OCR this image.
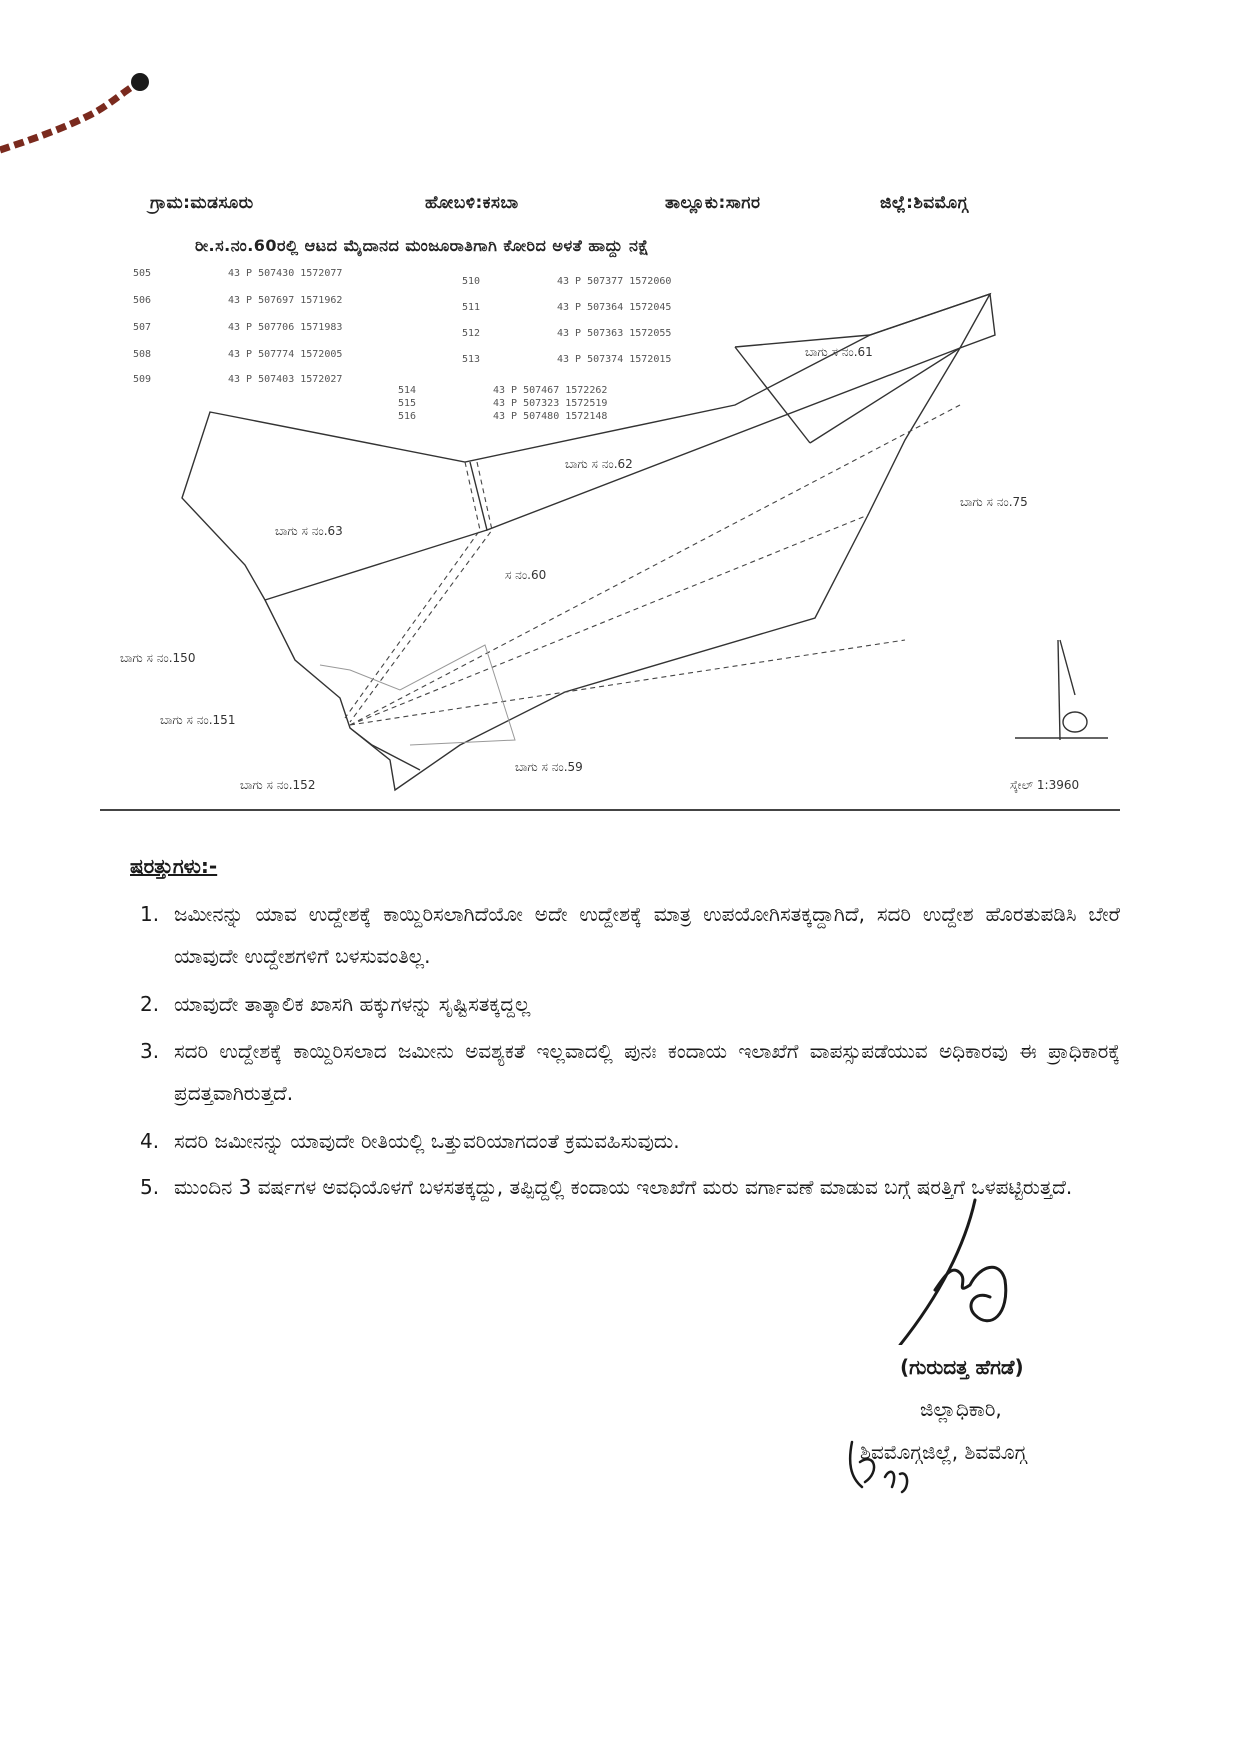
ಗ್ರಾಮ:ಮಡಸೂರು	ಹೋಬಳಿ:ಕಸಬಾ	ತಾಲ್ಲೂಕು:ಸಾಗರ	ಜಿಲ್ಲೆ:ಶಿವಮೊಗ್ಗ
ರೀ.ಸ.ನಂ.60ರಲ್ಲಿ ಆಟದ ಮೈದಾನದ ಮಂಜೂರಾತಿಗಾಗಿ ಕೋರಿದ ಅಳತೆ ಹಾದ್ದು ನಕ್ಷೆ
505	43 P 507430 1572077
506	43 P 507697 1571962
507	43 P 507706 1571983
508	43 P 507774 1572005
509	43 P 507403 1572027
510	43 P 507377 1572060
511	43 P 507364 1572045
512	43 P 507363 1572055
513	43 P 507374 1572015
514	43 P 507467 1572262
515	43 P 507323 1572519
516	43 P 507480 1572148
ಬಾಗು ಸ ನಂ.61
ಬಾಗು ಸ ನಂ.62
ಬಾಗು ಸ ನಂ.75
ಬಾಗು ಸ ನಂ.63
ಸ ನಂ.60
ಬಾಗು ಸ ನಂ.150
ಬಾಗು ಸ ನಂ.151
ಬಾಗು ಸ ನಂ.59
ಬಾಗು ಸ ನಂ.152	ಸ್ಕೇಲ್ 1:3960
ಷರತ್ತುಗಳು:-
1. ಜಮೀನನ್ನು ಯಾವ ಉದ್ದೇಶಕ್ಕೆ ಕಾಯ್ದಿರಿಸಲಾಗಿದೆಯೋ ಅದೇ ಉದ್ದೇಶಕ್ಕೆ ಮಾತ್ರ ಉಪಯೋಗಿಸತಕ್ಕದ್ದಾಗಿದೆ, ಸದರಿ ಉದ್ದೇಶ ಹೊರತುಪಡಿಸಿ ಬೇರೆ ಯಾವುದೇ ಉದ್ದೇಶಗಳಿಗೆ ಬಳಸುವಂತಿಲ್ಲ.
2. ಯಾವುದೇ ತಾತ್ಕಾಲಿಕ ಖಾಸಗಿ ಹಕ್ಕುಗಳನ್ನು ಸೃಷ್ಟಿಸತಕ್ಕದ್ದಲ್ಲ
3. ಸದರಿ ಉದ್ದೇಶಕ್ಕೆ ಕಾಯ್ದಿರಿಸಲಾದ ಜಮೀನು ಅವಶ್ಯಕತೆ ಇಲ್ಲವಾದಲ್ಲಿ ಪುನಃ ಕಂದಾಯ ಇಲಾಖೆಗೆ ವಾಪಸ್ಸುಪಡೆಯುವ ಅಧಿಕಾರವು ಈ ಪ್ರಾಧಿಕಾರಕ್ಕೆ ಪ್ರದತ್ತವಾಗಿರುತ್ತದೆ.
4. ಸದರಿ ಜಮೀನನ್ನು ಯಾವುದೇ ರೀತಿಯಲ್ಲಿ ಒತ್ತುವರಿಯಾಗದಂತೆ ಕ್ರಮವಹಿಸುವುದು.
5. ಮುಂದಿನ 3 ವರ್ಷಗಳ ಅವಧಿಯೊಳಗೆ ಬಳಸತಕ್ಕದ್ದು, ತಪ್ಪಿದ್ದಲ್ಲಿ ಕಂದಾಯ ಇಲಾಖೆಗೆ ಮರು ವರ್ಗಾವಣೆ ಮಾಡುವ ಬಗ್ಗೆ ಷರತ್ತಿಗೆ ಒಳಪಟ್ಟಿರುತ್ತದೆ.
(ಗುರುದತ್ತ ಹೆಗಡೆ)
ಜಿಲ್ಲಾಧಿಕಾರಿ,
ಶಿವಮೊಗ್ಗಜಿಲ್ಲೆ, ಶಿವಮೊಗ್ಗ
